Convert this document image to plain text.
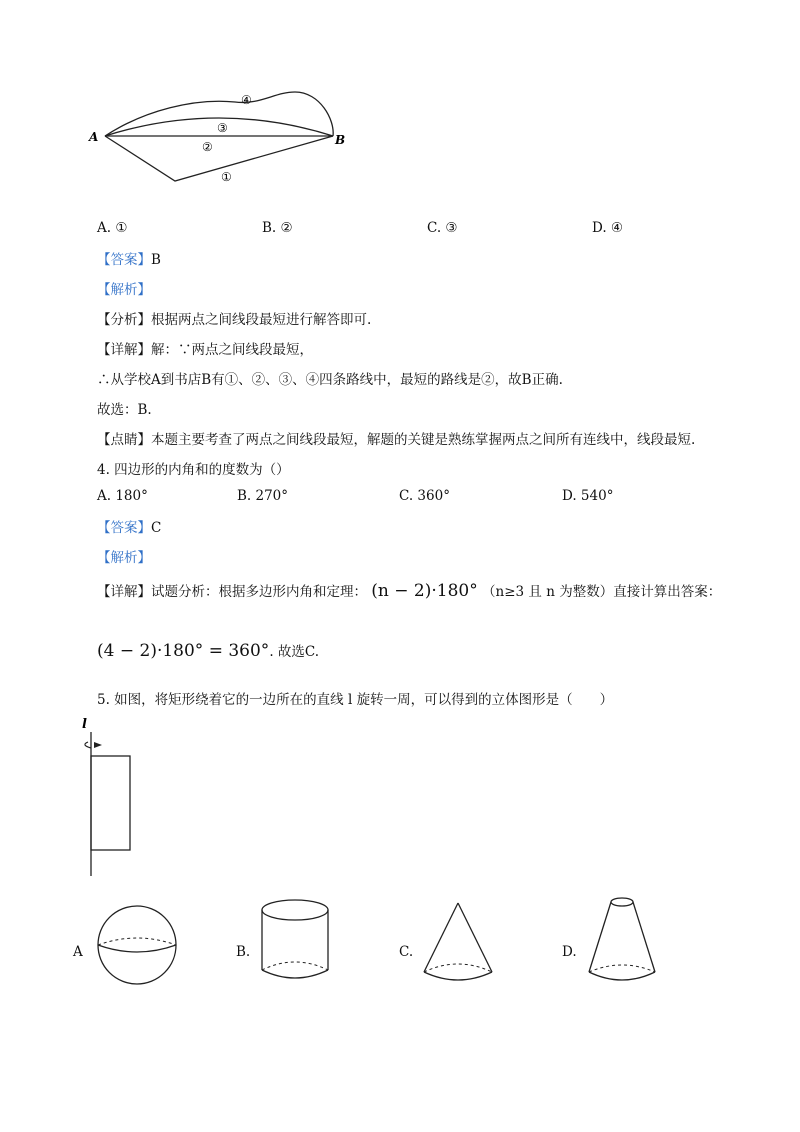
A	B
④
③
②
①
A. ①	B. ②	C. ③	D. ④
【答案】B
【解析】
【分析】根据两点之间线段最短进行解答即可.
【详解】解：∵两点之间线段最短，
∴从学校A到书店B有①、②、③、④四条路线中，最短的路线是②，故B正确.
故选：B.
【点睛】本题主要考查了两点之间线段最短，解题的关键是熟练掌握两点之间所有连线中，线段最短.
4. 四边形的内角和的度数为（）
A. 180°	B. 270°	C. 360°	D. 540°
【答案】C
【解析】
【详解】试题分析：根据多边形内角和定理： (n − 2)·180° （n≥3 且 n 为整数）直接计算出答案：
(4 − 2)·180° = 360°. 故选C.
5. 如图，将矩形绕着它的一边所在的直线 l 旋转一周，可以得到的立体图形是（　　）
l
A	B.	C.	D.
